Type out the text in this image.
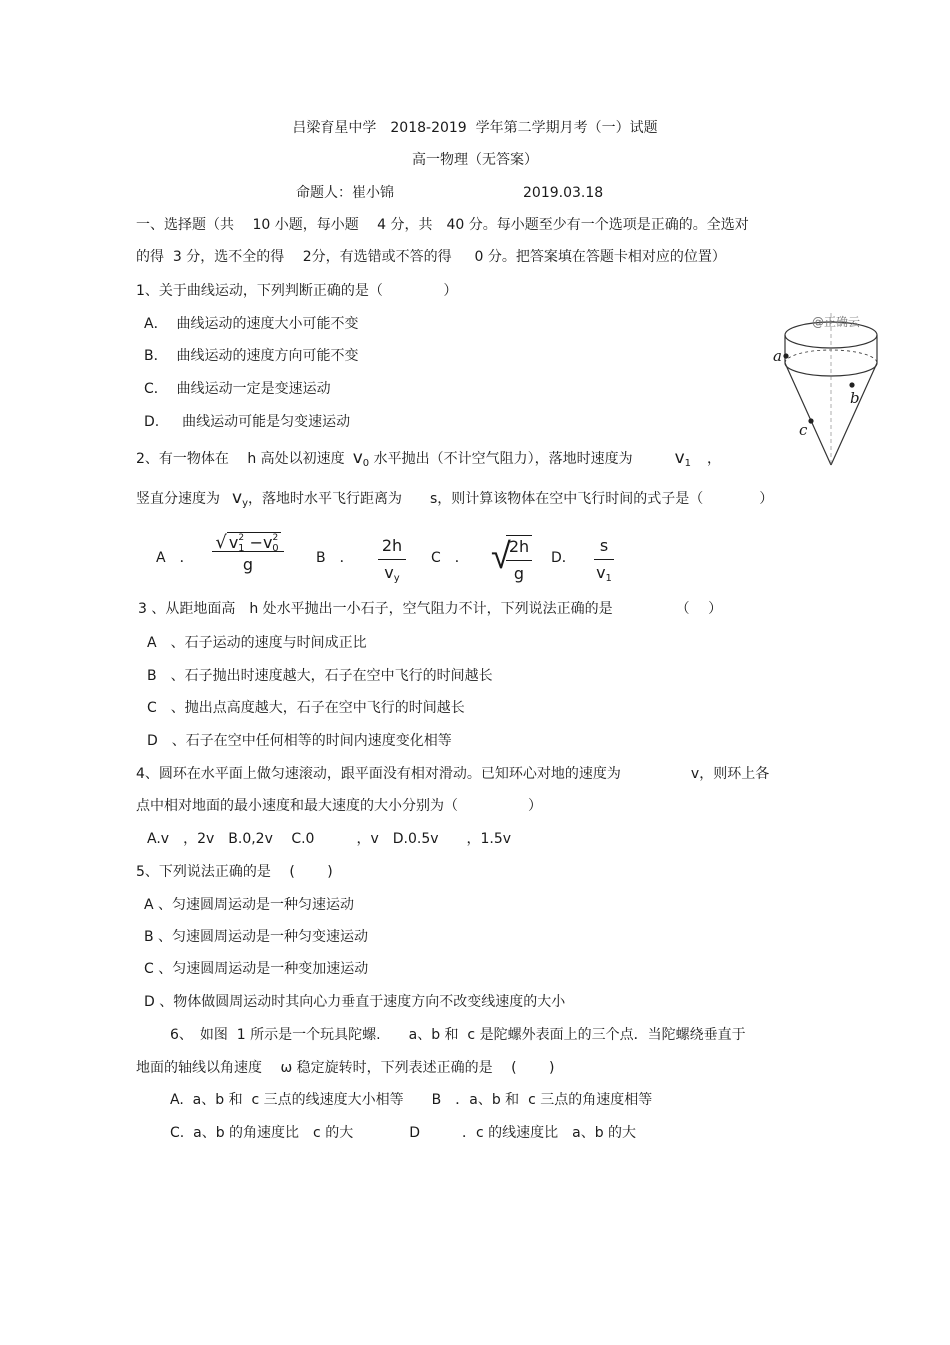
吕梁育星中学　2018-2019  学年第二学期月考（一）试题
高一物理（无答案）
命题人：崔小锦	2019.03.18
一、选择题（共　 10 小题，每小题　 4 分，共　40 分。每小题至少有一个选项是正确的。全选对
的得  3 分，选不全的得　 2分，有选错或不答的得　  0 分。把答案填在答题卡相对应的位置）
1、关于曲线运动，下列判断正确的是（　　　　 ）
A．  曲线运动的速度大小可能不变
B．  曲线运动的速度方向可能不变
C．  曲线运动一定是变速运动
D.　  曲线运动可能是匀变速运动
@正确云
a
b
c
2、有一物体在　 h 高处以初速度 $v_0$ 水平抛出（不计空气阻力），落地时速度为 $v_1$ ，
竖直分速度为 $v_y$，落地时水平飞行距离为　　s，则计算该物体在空中飞行时间的式子是（　　　　）
A　．
√ $v^2_1 -v^2_0$
g	B　．
2h
$v_y$
C　． √
2h
g
D．
s
$v_1$
3 、从距地面高　h 处水平抛出一小石子，空气阻力不计，下列说法正确的是　　　　　（　 ）
A　、石子运动的速度与时间成正比
B　、石子抛出时速度越大，石子在空中飞行的时间越长
C　、抛出点高度越大，石子在空中飞行的时间越长
D　、石子在空中任何相等的时间内速度变化相等
4、圆环在水平面上做匀速滚动，跟平面没有相对滑动。已知环心对地的速度为　　　　　v，则环上各
点中相对地面的最小速度和最大速度的大小分别为（　　　　　）
A.v　，2v　B.0,2v　 C.0　　　，v　D.0.5v　　，1.5v
5、下列说法正确的是　 (　　 )
A 、匀速圆周运动是一种匀速运动
B 、匀速圆周运动是一种匀变速运动
C 、匀速圆周运动是一种变加速运动
D 、物体做圆周运动时其向心力垂直于速度方向不改变线速度的大小
6、　如图  1 所示是一个玩具陀螺.　　a、b 和  c 是陀螺外表面上的三个点．当陀螺绕垂直于
地面的轴线以角速度　 ω 稳定旋转时，下列表述正确的是　 (　　 )
A.  a、b 和  c 三点的线速度大小相等　　B　．a、b 和  c 三点的角速度相等
C.  a、b 的角速度比　c 的大　　　　D　　　．c 的线速度比　a、b 的大
